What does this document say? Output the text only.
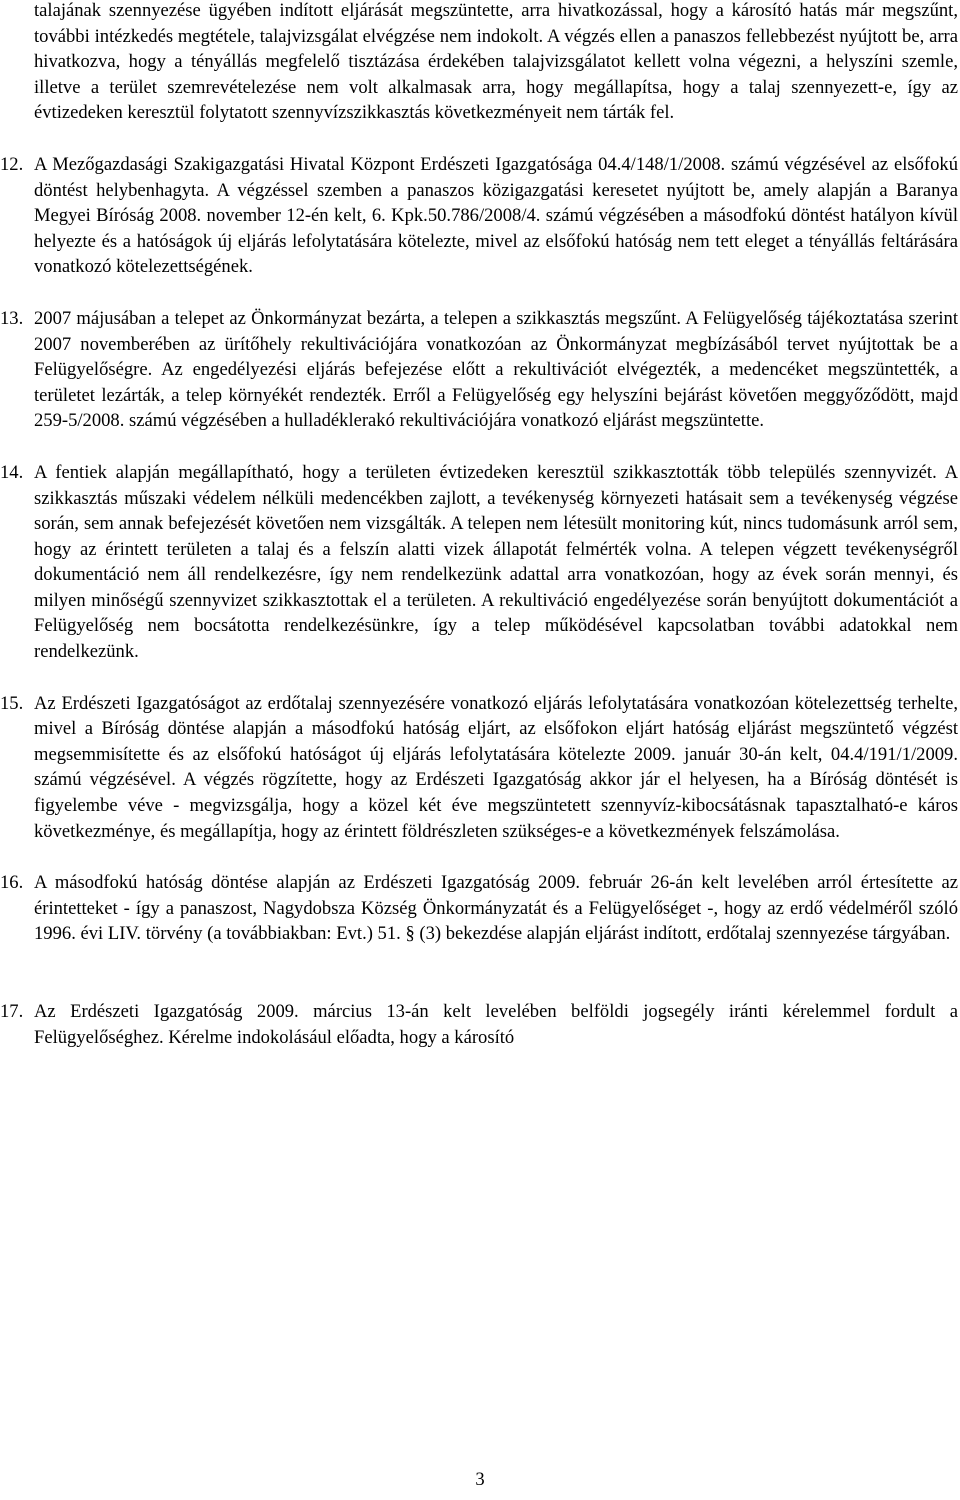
talajának szennyezése ügyében indított eljárását megszüntette, arra hivatkozással, hogy a károsító hatás már megszűnt, további intézkedés megtétele, talajvizsgálat elvégzése nem indokolt. A végzés ellen a panaszos fellebbezést nyújtott be, arra hivatkozva, hogy a tényállás megfelelő tisztázása érdekében talajvizsgálatot kellett volna végezni, a helyszíni szemle, illetve a terület szemrevételezése nem volt alkalmasak arra, hogy megállapítsa, hogy a talaj szennyezett-e, így az évtizedeken keresztül folytatott szennyvízszikkasztás következményeit nem tárták fel.

12. A Mezőgazdasági Szakigazgatási Hivatal Központ Erdészeti Igazgatósága 04.4/148/1/2008. számú végzésével az elsőfokú döntést helybenhagyta. A végzéssel szemben a panaszos közigazgatási keresetet nyújtott be, amely alapján a Baranya Megyei Bíróság 2008. november 12-én kelt, 6. Kpk.50.786/2008/4. számú végzésében a másodfokú döntést hatályon kívül helyezte és a hatóságok új eljárás lefolytatására kötelezte, mivel az elsőfokú hatóság nem tett eleget a tényállás feltárására vonatkozó kötelezettségének.

13. 2007 májusában a telepet az Önkormányzat bezárta, a telepen a szikkasztás megszűnt. A Felügyelőség tájékoztatása szerint 2007 novemberében az ürítőhely rekultivációjára vonatkozóan az Önkormányzat megbízásából tervet nyújtottak be a Felügyelőségre. Az engedélyezési eljárás befejezése előtt a rekultivációt elvégezték, a medencéket megszüntették, a területet lezárták, a telep környékét rendezték. Erről a Felügyelőség egy helyszíni bejárást követően meggyőződött, majd 259-5/2008. számú végzésében a hulladéklerakó rekultivációjára vonatkozó eljárást megszüntette.

14. A fentiek alapján megállapítható, hogy a területen évtizedeken keresztül szikkasztották több település szennyvizét. A szikkasztás műszaki védelem nélküli medencékben zajlott, a tevékenység környezeti hatásait sem a tevékenység végzése során, sem annak befejezését követően nem vizsgálták. A telepen nem létesült monitoring kút, nincs tudomásunk arról sem, hogy az érintett területen a talaj és a felszín alatti vizek állapotát felmérték volna. A telepen végzett tevékenységről dokumentáció nem áll rendelkezésre, így nem rendelkezünk adattal arra vonatkozóan, hogy az évek során mennyi, és milyen minőségű szennyvizet szikkasztottak el a területen. A rekultiváció engedélyezése során benyújtott dokumentációt a Felügyelőség nem bocsátotta rendelkezésünkre, így a telep működésével kapcsolatban további adatokkal nem rendelkezünk.

15. Az Erdészeti Igazgatóságot az erdőtalaj szennyezésére vonatkozó eljárás lefolytatására vonatkozóan kötelezettség terhelte, mivel a Bíróság döntése alapján a másodfokú hatóság eljárt, az elsőfokon eljárt hatóság eljárást megszüntető végzést megsemmisítette és az elsőfokú hatóságot új eljárás lefolytatására kötelezte 2009. január 30-án kelt, 04.4/191/1/2009. számú végzésével. A végzés rögzítette, hogy az Erdészeti Igazgatóság akkor jár el helyesen, ha a Bíróság döntését is figyelembe véve - megvizsgálja, hogy a közel két éve megszüntetett szennyvíz-kibocsátásnak tapasztalható-e káros következménye, és megállapítja, hogy az érintett földrészleten szükséges-e a következmények felszámolása.

16. A másodfokú hatóság döntése alapján az Erdészeti Igazgatóság 2009. február 26-án kelt levelében arról értesítette az érintetteket - így a panaszost, Nagydobsza Község Önkormányzatát és a Felügyelőséget -, hogy az erdő védelméről szóló 1996. évi LIV. törvény (a továbbiakban: Evt.) 51. § (3) bekezdése alapján eljárást indított, erdőtalaj szennyezése tárgyában.

17. Az Erdészeti Igazgatóság 2009. március 13-án kelt levelében belföldi jogsegély iránti kérelemmel fordult a Felügyelőséghez. Kérelme indokolásául előadta, hogy a károsító

3
